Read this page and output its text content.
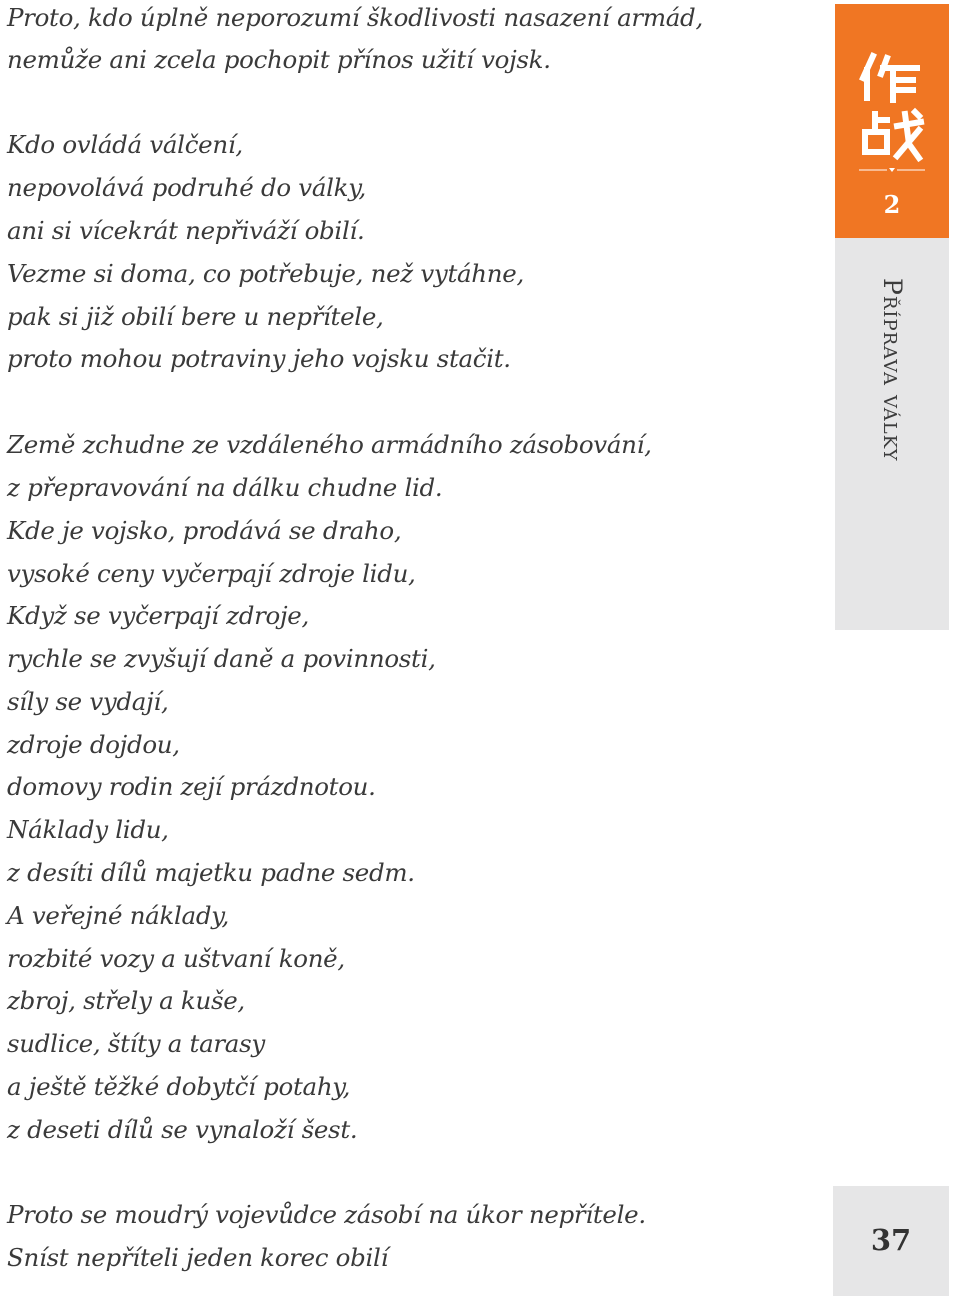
Proto, kdo úplně neporozumí škodlivosti nasazení armád,
nemůže ani zcela pochopit přínos užití vojsk.
Kdo ovládá válčení,
nepovolává podruhé do války,
ani si vícekrát nepřiváží obilí.
Vezme si doma, co potřebuje, než vytáhne,
pak si již obilí bere u nepřítele,
proto mohou potraviny jeho vojsku stačit.
Země zchudne ze vzdáleného armádního zásobování,
z přepravování na dálku chudne lid.
Kde je vojsko, prodává se draho,
vysoké ceny vyčerpají zdroje lidu,
Když se vyčerpají zdroje,
rychle se zvyšují daně a povinnosti,
síly se vydají,
zdroje dojdou,
domovy rodin zejí prázdnotou.
Náklady lidu,
z desíti dílů majetku padne sedm.
A veřejné náklady,
rozbité vozy a uštvaní koně,
zbroj, střely a kuše,
sudlice, štíty a tarasy
a ještě těžké dobytčí potahy,
z deseti dílů se vynaloží šest.
Proto se moudrý vojevůdce zásobí na úkor nepřítele.
Sníst nepříteli jeden korec obilí
2
Příprava války
37
